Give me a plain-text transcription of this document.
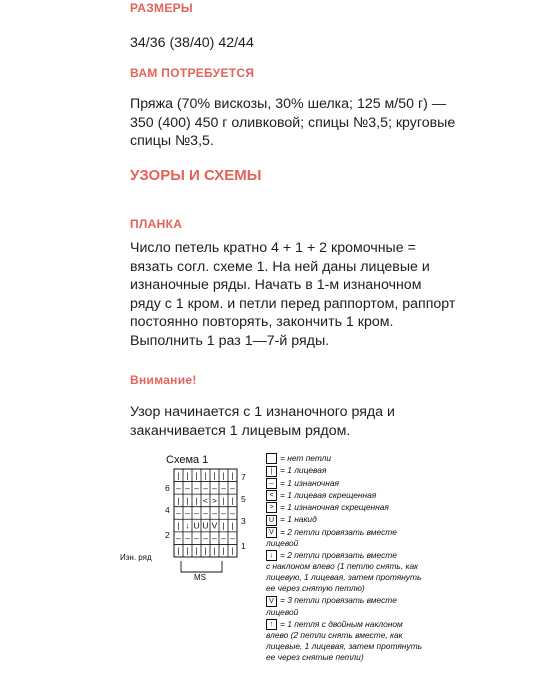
РАЗМЕРЫ
34/36 (38/40) 42/44
ВАМ ПОТРЕБУЕТСЯ
Пряжа (70% вискозы, 30% шелка; 125 м/50 г) —
350 (400) 450 г оливковой; спицы №3,5; круговые
спицы №3,5.
УЗОРЫ И СХЕМЫ
ПЛАНКА
Число петель кратно 4 + 1 + 2 кромочные =
вязать согл. схеме 1. На ней даны лицевые и
изнаночные ряды. Начать в 1-м изнаночном
ряду с 1 кром. и петли перед раппортом, раппорт
постоянно повторять, закончить 1 кром.
Выполнить 1 раз 1—7-й ряды.
Внимание!
Узор начинается с 1 изнаночного ряда и
заканчивается 1 лицевым рядом.
Схема 1
| | | | | | |
– – – – – – –
| | | < > | |
– – – – – – –
| ↓ U U V | |
– – – – – – –
| | | | | | |
7
5
3
1
6
4
2
Изн. ряд
MS
= нет петли
| = 1 лицевая
– = 1 изнаночная
< = 1 лицевая скрещенная
> = 1 изнаночная скрещенная
U = 1 накид
V = 2 петли провязать вместе
лицевой
↓ = 2 петли провязать вместе
с наклоном влево (1 петлю снять, как
лицевую, 1 лицевая, затем протянуть
ее через снятую петлю)
V = 3 петли провязать вместе
лицевой
↑ = 1 петля с двойным наклоном
влево (2 петли снять вместе, как
лицевые, 1 лицевая, затем протянуть
ее через снятые петли)
